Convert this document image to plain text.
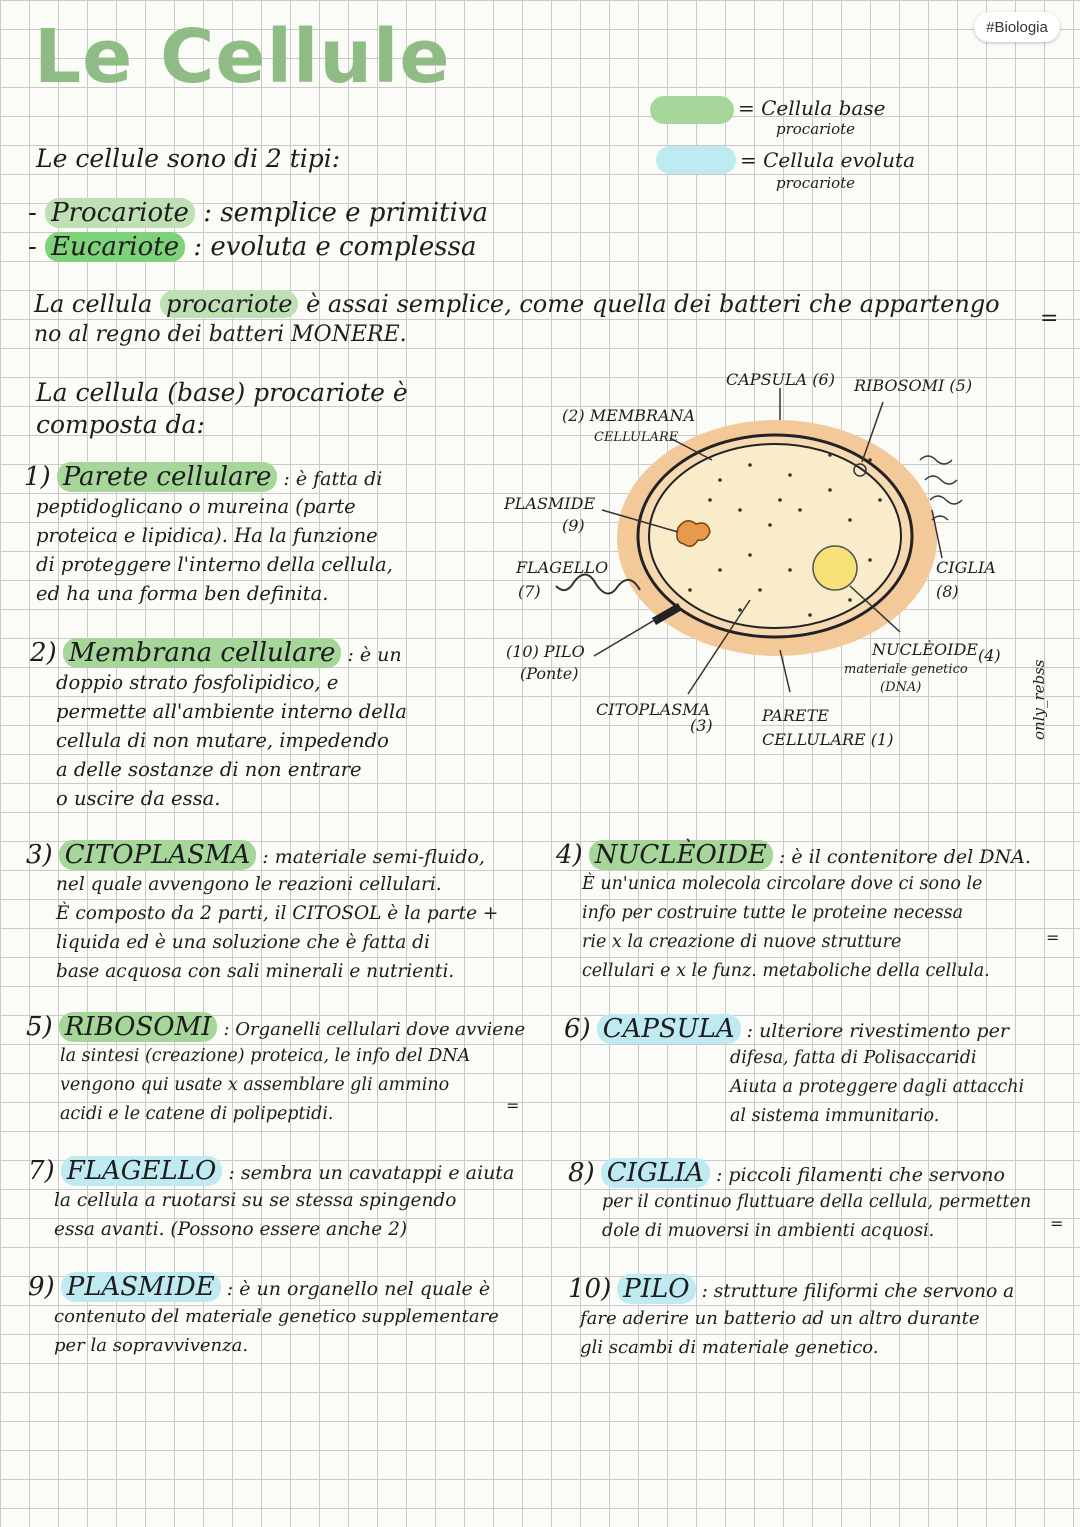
#Biologia
Le Cellule
= Cellula base
procariote
= Cellula evoluta
procariote
Le cellule sono di 2 tipi:
- Procariote : semplice e primitiva
- Eucariote : evoluta e complessa
La cellula procariote è assai semplice, come quella dei batteri che appartengo
=
no al regno dei batteri MONERE.
La cellula (base) procariote è
composta da:
1) Parete cellulare : è fatta di
peptidoglicano o mureina (parte
proteica e lipidica). Ha la funzione
di proteggere l'interno della cellula,
ed ha una forma ben definita.
2) Membrana cellulare : è un
doppio strato fosfolipidico, e
permette all'ambiente interno della
cellula di non mutare, impedendo
a delle sostanze di non entrare
o uscire da essa.
CAPSULA (6) RIBOSOMI (5)
(2) MEMBRANA
CELLULARE
PLASMIDE
(9)
FLAGELLO
(7)
(10) PILO
(Ponte)
CITOPLASMA
(3)
PARETE
CELLULARE (1)
CIGLIA
(8)
NUCLÈOIDE (4)
materiale genetico
(DNA)
3) CITOPLASMA : materiale semi-fluido,
nel quale avvengono le reazioni cellulari.
È composto da 2 parti, il CITOSOL è la parte +
liquida ed è una soluzione che è fatta di
base acquosa con sali minerali e nutrienti.
4) NUCLÈOIDE : è il contenitore del DNA.
È un'unica molecola circolare dove ci sono le
info per costruire tutte le proteine necessa
rie x la creazione di nuove strutture
cellulari e x le funz. metaboliche della cellula.
=
5) RIBOSOMI : Organelli cellulari dove avviene
la sintesi (creazione) proteica, le info del DNA
vengono qui usate x assemblare gli ammino
acidi e le catene di polipeptidi.	=
6) CAPSULA : ulteriore rivestimento per
difesa, fatta di Polisaccaridi
Aiuta a proteggere dagli attacchi
al sistema immunitario.
7) FLAGELLO : sembra un cavatappi e aiuta
la cellula a ruotarsi su se stessa spingendo
essa avanti. (Possono essere anche 2)
8) CIGLIA : piccoli filamenti che servono
per il continuo fluttuare della cellula, permetten
dole di muoversi in ambienti acquosi.	=
9) PLASMIDE : è un organello nel quale è
contenuto del materiale genetico supplementare
per la sopravvivenza.
10) PILO : strutture filiformi che servono a
fare aderire un batterio ad un altro durante
gli scambi di materiale genetico.
only_rebss
